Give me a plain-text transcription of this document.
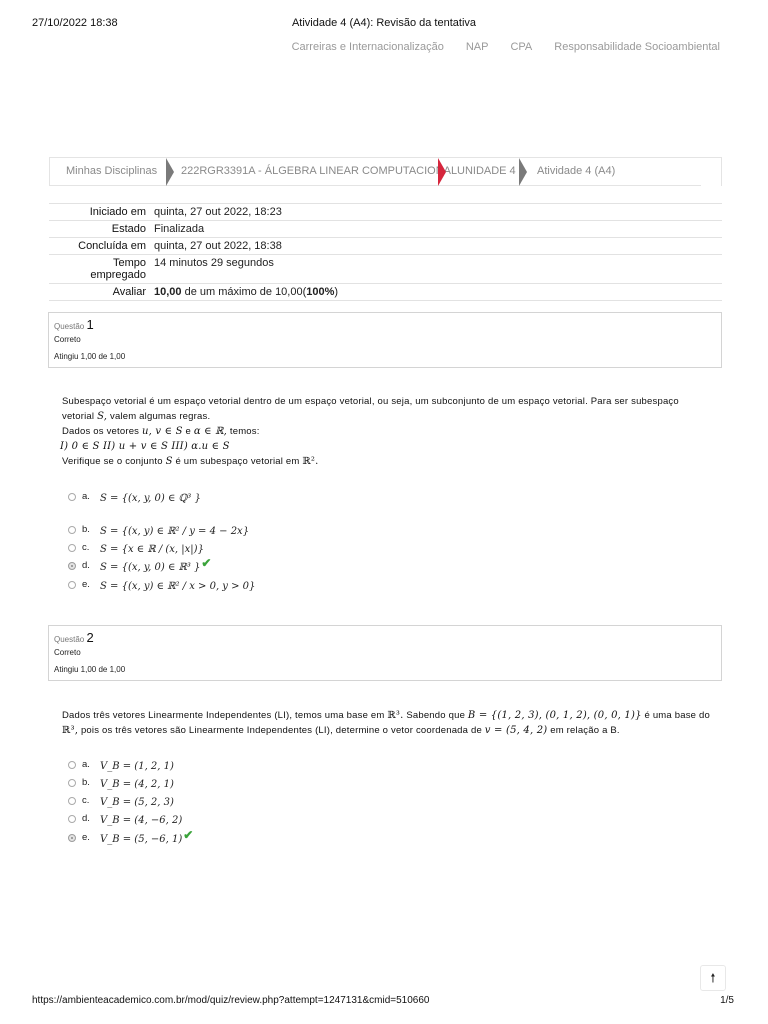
27/10/2022 18:38	Atividade 4 (A4): Revisão da tentativa
Carreiras e Internacionalização NAP CPA Responsabilidade Socioambiental
Minhas Disciplinas 222RGR3391A - ÁLGEBRA LINEAR COMPUTACIONAL UNIDADE 4 Atividade 4 (A4)
Iniciado em	quinta, 27 out 2022, 18:23
Estado	Finalizada
Concluída em	quinta, 27 out 2022, 18:38
Tempo
empregado	14 minutos 29 segundos
Avaliar	10,00 de um máximo de 10,00(100%)
Questão 1
Correto
Atingiu 1,00 de 1,00
Subespaço vetorial é um espaço vetorial dentro de um espaço vetorial, ou seja, um subconjunto de um espaço vetorial. Para ser subespaço
vetorial S, valem algumas regras.
Dados os vetores u, v ∈ S e α ∈ ℝ, temos:
I) 0 ∈ S II) u + v ∈ S III) α.u ∈ S
Verifique se o conjunto S é um subespaço vetorial em ℝ².
a.	S = {(x, y, 0) ∈ ℚ³ }
b.	S = {(x, y) ∈ ℝ² / y = 4 − 2x}
c.	S = {x ∈ ℝ / (x, |x|)}
d.	S = {(x, y, 0) ∈ ℝ³ } ✔
e.	S = {(x, y) ∈ ℝ² / x > 0, y > 0}
Questão 2
Correto
Atingiu 1,00 de 1,00
Dados três vetores Linearmente Independentes (LI), temos uma base em ℝ³. Sabendo que B = {(1, 2, 3), (0, 1, 2), (0, 0, 1)} é uma base do ℝ³, pois os três vetores são Linearmente Independentes (LI), determine o vetor coordenada de v = (5, 4, 2) em relação a B.
a.	V_B = (1, 2, 1)
b.	V_B = (4, 2, 1)
c.	V_B = (5, 2, 3)
d.	V_B = (4, −6, 2)
e.	V_B = (5, −6, 1) ✔
🠕
https://ambienteacademico.com.br/mod/quiz/review.php?attempt=1247131&cmid=510660	1/5
